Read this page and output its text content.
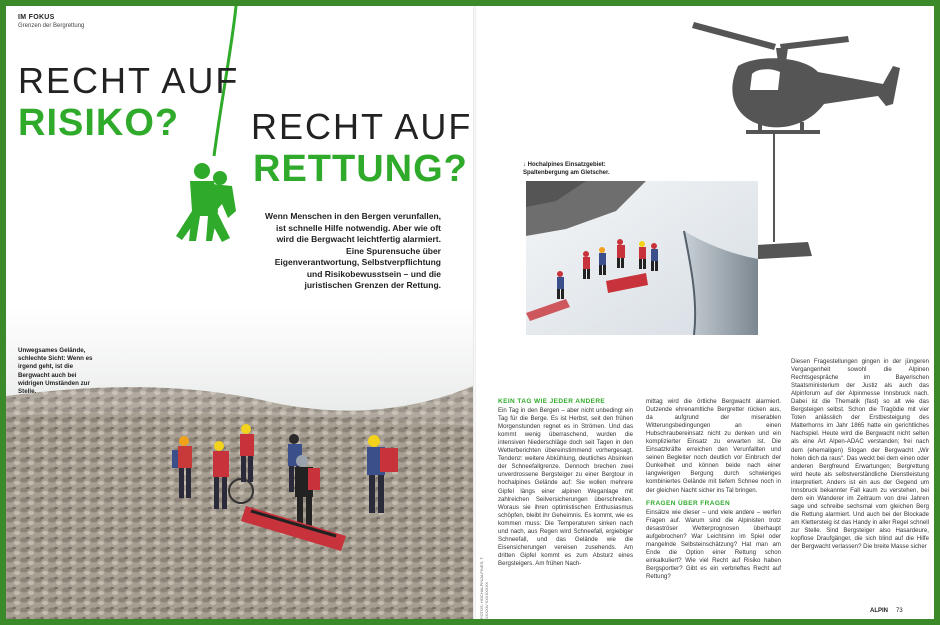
IM FOKUS
Grenzen der Bergrettung
RECHT AUF
RISIKO? RECHT AUF
RETTUNG?
Wenn Menschen in den Bergen verunfallen, ist schnelle Hilfe notwendig. Aber wie oft wird die Bergwacht leichtfertig alarmiert. Eine Spurensuche über Eigenverantwortung, Selbstverpflichtung und Risikobewusstsein – und die juristischen Grenzen der Rettung.
Unwegsames Gelände, schlechte Sicht: Wenn es irgend geht, ist die Bergwacht auch bei widrigen Umständen zur Stelle.
FOTOS: HOCHALPIN/ALPINES; T. XXXXX/ XXXXXXXX
↓ Hochalpines Einsatzgebiet:
Spaltenbergung am Gletscher.
KEIN TAG WIE JEDER ANDERE
Ein Tag in den Bergen – aber nicht unbedingt ein Tag für die Berge. Es ist Herbst, seit den frühen Morgenstunden regnet es in Strömen. Und das kommt wenig überraschend, wurden die intensiven Niederschläge doch seit Tagen in den Wetterberichten übereinstimmend vorhergesagt. Tendenz: weitere Abkühlung, deutliches Absinken der Schneefallgrenze. Dennoch brechen zwei unverdrossene Bergsteiger zu einer Bergtour in hochalpines Gelände auf: Sie wollen mehrere Gipfel längs einer alpinen Weganlage mit zahlreichen Seilversicherungen überschreiten. Woraus sie ihren optimistischen Enthusiasmus schöpfen, bleibt ihr Geheimnis. Es kommt, wie es kommen muss: Die Temperaturen sinken nach und nach, aus Regen wird Schneefall, ergiebiger Schneefall, und das Gelände wie die Eisensicherungen vereisen zusehends. Am dritten Gipfel kommt es zum Absturz eines Bergsteigers. Am frühen Nach-
mittag wird die örtliche Bergwacht alarmiert. Dutzende ehrenamtliche Bergretter rücken aus, da aufgrund der miserablen Witterungsbedingungen an einen Hubschraubereinsatz nicht zu denken und ein komplizierter Einsatz zu erwarten ist. Die Einsatzkräfte erreichen den Verunfallten und seinen Begleiter noch deutlich vor Einbruch der Dunkelheit und können beide nach einer langwierigen Bergung durch schwieriges kombiniertes Gelände mit tiefem Schnee noch in der gleichen Nacht sicher ins Tal bringen.
FRAGEN ÜBER FRAGEN
Einsätze wie dieser – und viele andere – werfen Fragen auf. Warum sind die Alpinisten trotz desaströser Wetterprognosen überhaupt aufgebrochen? War Leichtsinn im Spiel oder mangelnde Selbsteinschätzung? Hat man am Ende die Option einer Rettung schon einkalkuliert? Wie viel Recht auf Risiko haben Bergsportler? Gibt es ein verbrieftes Recht auf Rettung?
Diesen Fragestellungen gingen in der jüngeren Vergangenheit sowohl die Alpinen Rechtsgespräche im Bayerischen Staatsministerium der Justiz als auch das Alpinforum auf der Alpinmesse Innsbruck nach. Dabei ist die Thematik (fast) so alt wie das Bergsteigen selbst. Schon die Tragödie mit vier Toten anlässlich der Erstbesteigung des Matterhorns im Jahr 1865 hatte ein gerichtliches Nachspiel. Heute wird die Bergwacht nicht selten als eine Art Alpen-ADAC verstanden; frei nach dem (ehemaligen) Slogan der Bergwacht „Wir holen dich da raus“. Das weckt bei dem einen oder anderen Bergfreund Erwartungen; Bergrettung wird heute als selbstverständliche Dienstleistung interpretiert. Anders ist ein aus der Gegend um Innsbruck bekannter Fall kaum zu verstehen, bei dem ein Wanderer im Zeitraum von drei Jahren sage und schreibe sechsmal vom gleichen Berg die Rettung alarmiert. Und auch bei der Blockade am Klettersteig ist das Handy in aller Regel schnell zur Stelle. Sind Bergsteiger also Hasardeure, kopflose Draufgänger, die sich blind auf die Hilfe der Bergwacht verlassen? Die breite Masse sicher
ALPIN 73
